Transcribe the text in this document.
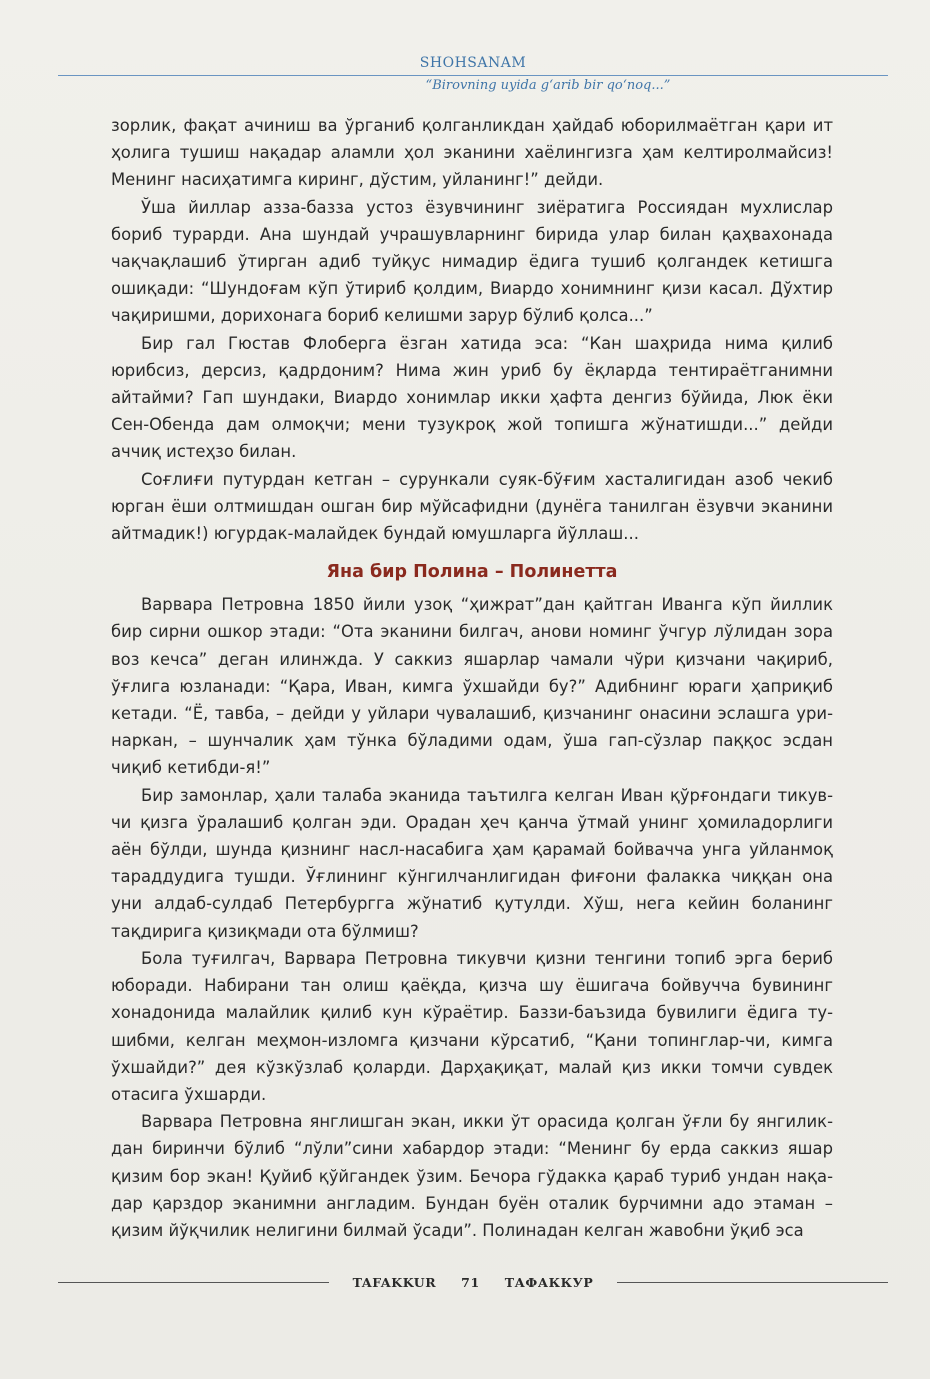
SHOHSANAM
“Birovning uyida g‘arib bir qo‘noq...”

зорлик, фақат ачиниш ва ўрганиб қолганликдан ҳайдаб юборилмаётган қари ит ҳолига тушиш нақадар аламли ҳол эканини хаёлингизга ҳам келтиролмайсиз! Менинг насиҳатимга киринг, дўстим, уйланинг!” дейди.

Ўша йиллар азза-базза устоз ёзувчининг зиёратига Россиядан мухлислар бориб турарди. Ана шундай учрашувларнинг бирида улар билан қаҳвахонада чақчақлашиб ўтирган адиб туйқус нимадир ёдига тушиб қолгандек кетишга ошиқади: “Шундоғам кўп ўтириб қолдим, Виардо хонимнинг қизи касал. Дўхтир чақиришми, дорихонага бориб келишми зарур бўлиб қолса...”

Бир гал Гюстав Флоберга ёзган хатида эса: “Кан шаҳрида нима қилиб юрибсиз, дерсиз, қадрдоним? Нима жин уриб бу ёқларда тентираётганимни айтайми? Гап шундаки, Виардо хонимлар икки ҳафта денгиз бўйида, Люк ёки Сен-Обенда дам олмоқчи; мени тузукроқ жой топишга жўнатишди...” дейди аччиқ истеҳзо билан.

Соғлиғи путурдан кетган – сурункали суяк-бўғим хасталигидан азоб чекиб юрган ёши олтмишдан ошган бир мўйсафидни (дунёга танилган ёзувчи эканини айтмадик!) югурдак-малайдек бундай юмушларга йўллаш...

Яна бир Полина – Полинетта

Варвара Петровна 1850 йили узоқ “ҳижрат”дан қайтган Иванга кўп йиллик бир сирни ошкор этади: “Ота эканини билгач, анови номинг ўчгур лўлидан зора воз кечса” деган илинжда. У саккиз яшарлар чамали чўри қизчани чақириб, ўғлига юзланади: “Қара, Иван, кимга ўхшайди бу?” Адибнинг юраги ҳаприқиб кетади. “Ё, тавба, – дейди у уйлари чувалашиб, қизчанинг онасини эслашга уринаркан, – шунчалик ҳам тўнка бўладими одам, ўша гап-сўзлар паққос эсдан чиқиб кетибди-я!”

Бир замонлар, ҳали талаба эканида таътилга келган Иван қўрғондаги тикувчи қизга ўралашиб қолган эди. Орадан ҳеч қанча ўтмай унинг ҳомиладорлиги аён бўлди, шунда қизнинг насл-насабига ҳам қарамай бойвачча унга уйланмоқ тараддудига тушди. Ўғлининг кўнгилчанлигидан фиғони фалакка чиққан она уни алдаб-сулдаб Петербургга жўнатиб қутулди. Хўш, нега кейин боланинг тақдирига қизиқмади ота бўлмиш?

Бола туғилгач, Варвара Петровна тикувчи қизни тенгини топиб эрга бериб юборади. Набирани тан олиш қаёқда, қизча шу ёшигача бойвучча бувининг хонадонида малайлик қилиб кун кўраётир. Баззи-баъзида бувилиги ёдига тушибми, келган меҳмон-изломга қизчани кўрсатиб, “Қани топинглар-чи, кимга ўхшайди?” дея кўзкўзлаб қоларди. Дарҳақиқат, малай қиз икки томчи сувдек отасига ўхшарди.

Варвара Петровна янглишган экан, икки ўт орасида қолган ўғли бу янгиликдан биринчи бўлиб “лўли”сини хабардор этади: “Менинг бу ерда саккиз яшар қизим бор экан! Қуйиб қўйгандек ўзим. Бечора гўдакка қараб туриб ундан нақадар қарздор эканимни англадим. Бундан буён оталик бурчимни адо этаман – қизим йўқчилик нелигини билмай ўсади”. Полинадан келган жавобни ўқиб эса

TAFAKKUR 71 ТАФАККУР
